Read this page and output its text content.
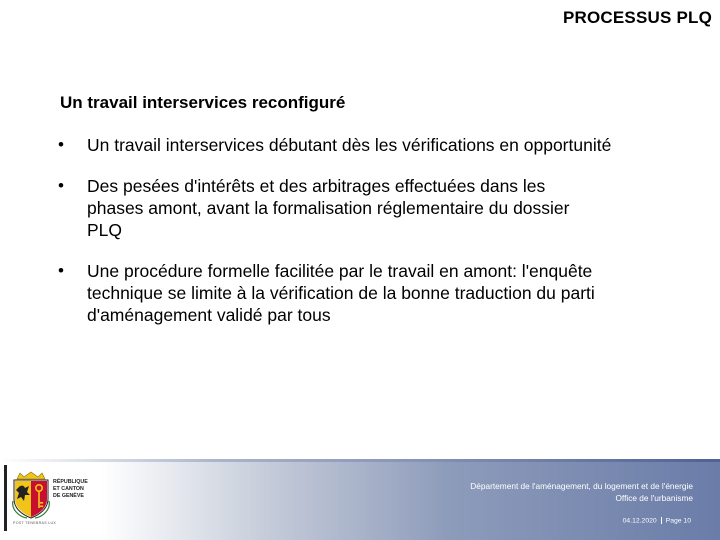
PROCESSUS PLQ
Un travail interservices reconfiguré
• Un travail interservices débutant dès les vérifications en opportunité
• Des pesées d'intérêts et des arbitrages effectuées dans les phases amont, avant la formalisation réglementaire du dossier PLQ
• Une procédure formelle facilitée par le travail en amont: l'enquête technique se limite à la vérification de la bonne traduction du parti d'aménagement validé par tous
RÉPUBLIQUE
ET CANTON
DE GENÈVE
POST TENEBRAS LUX
Département de l'aménagement, du logement et de l'énergie
Office de l'urbanisme
04.12.2020 Page 10
